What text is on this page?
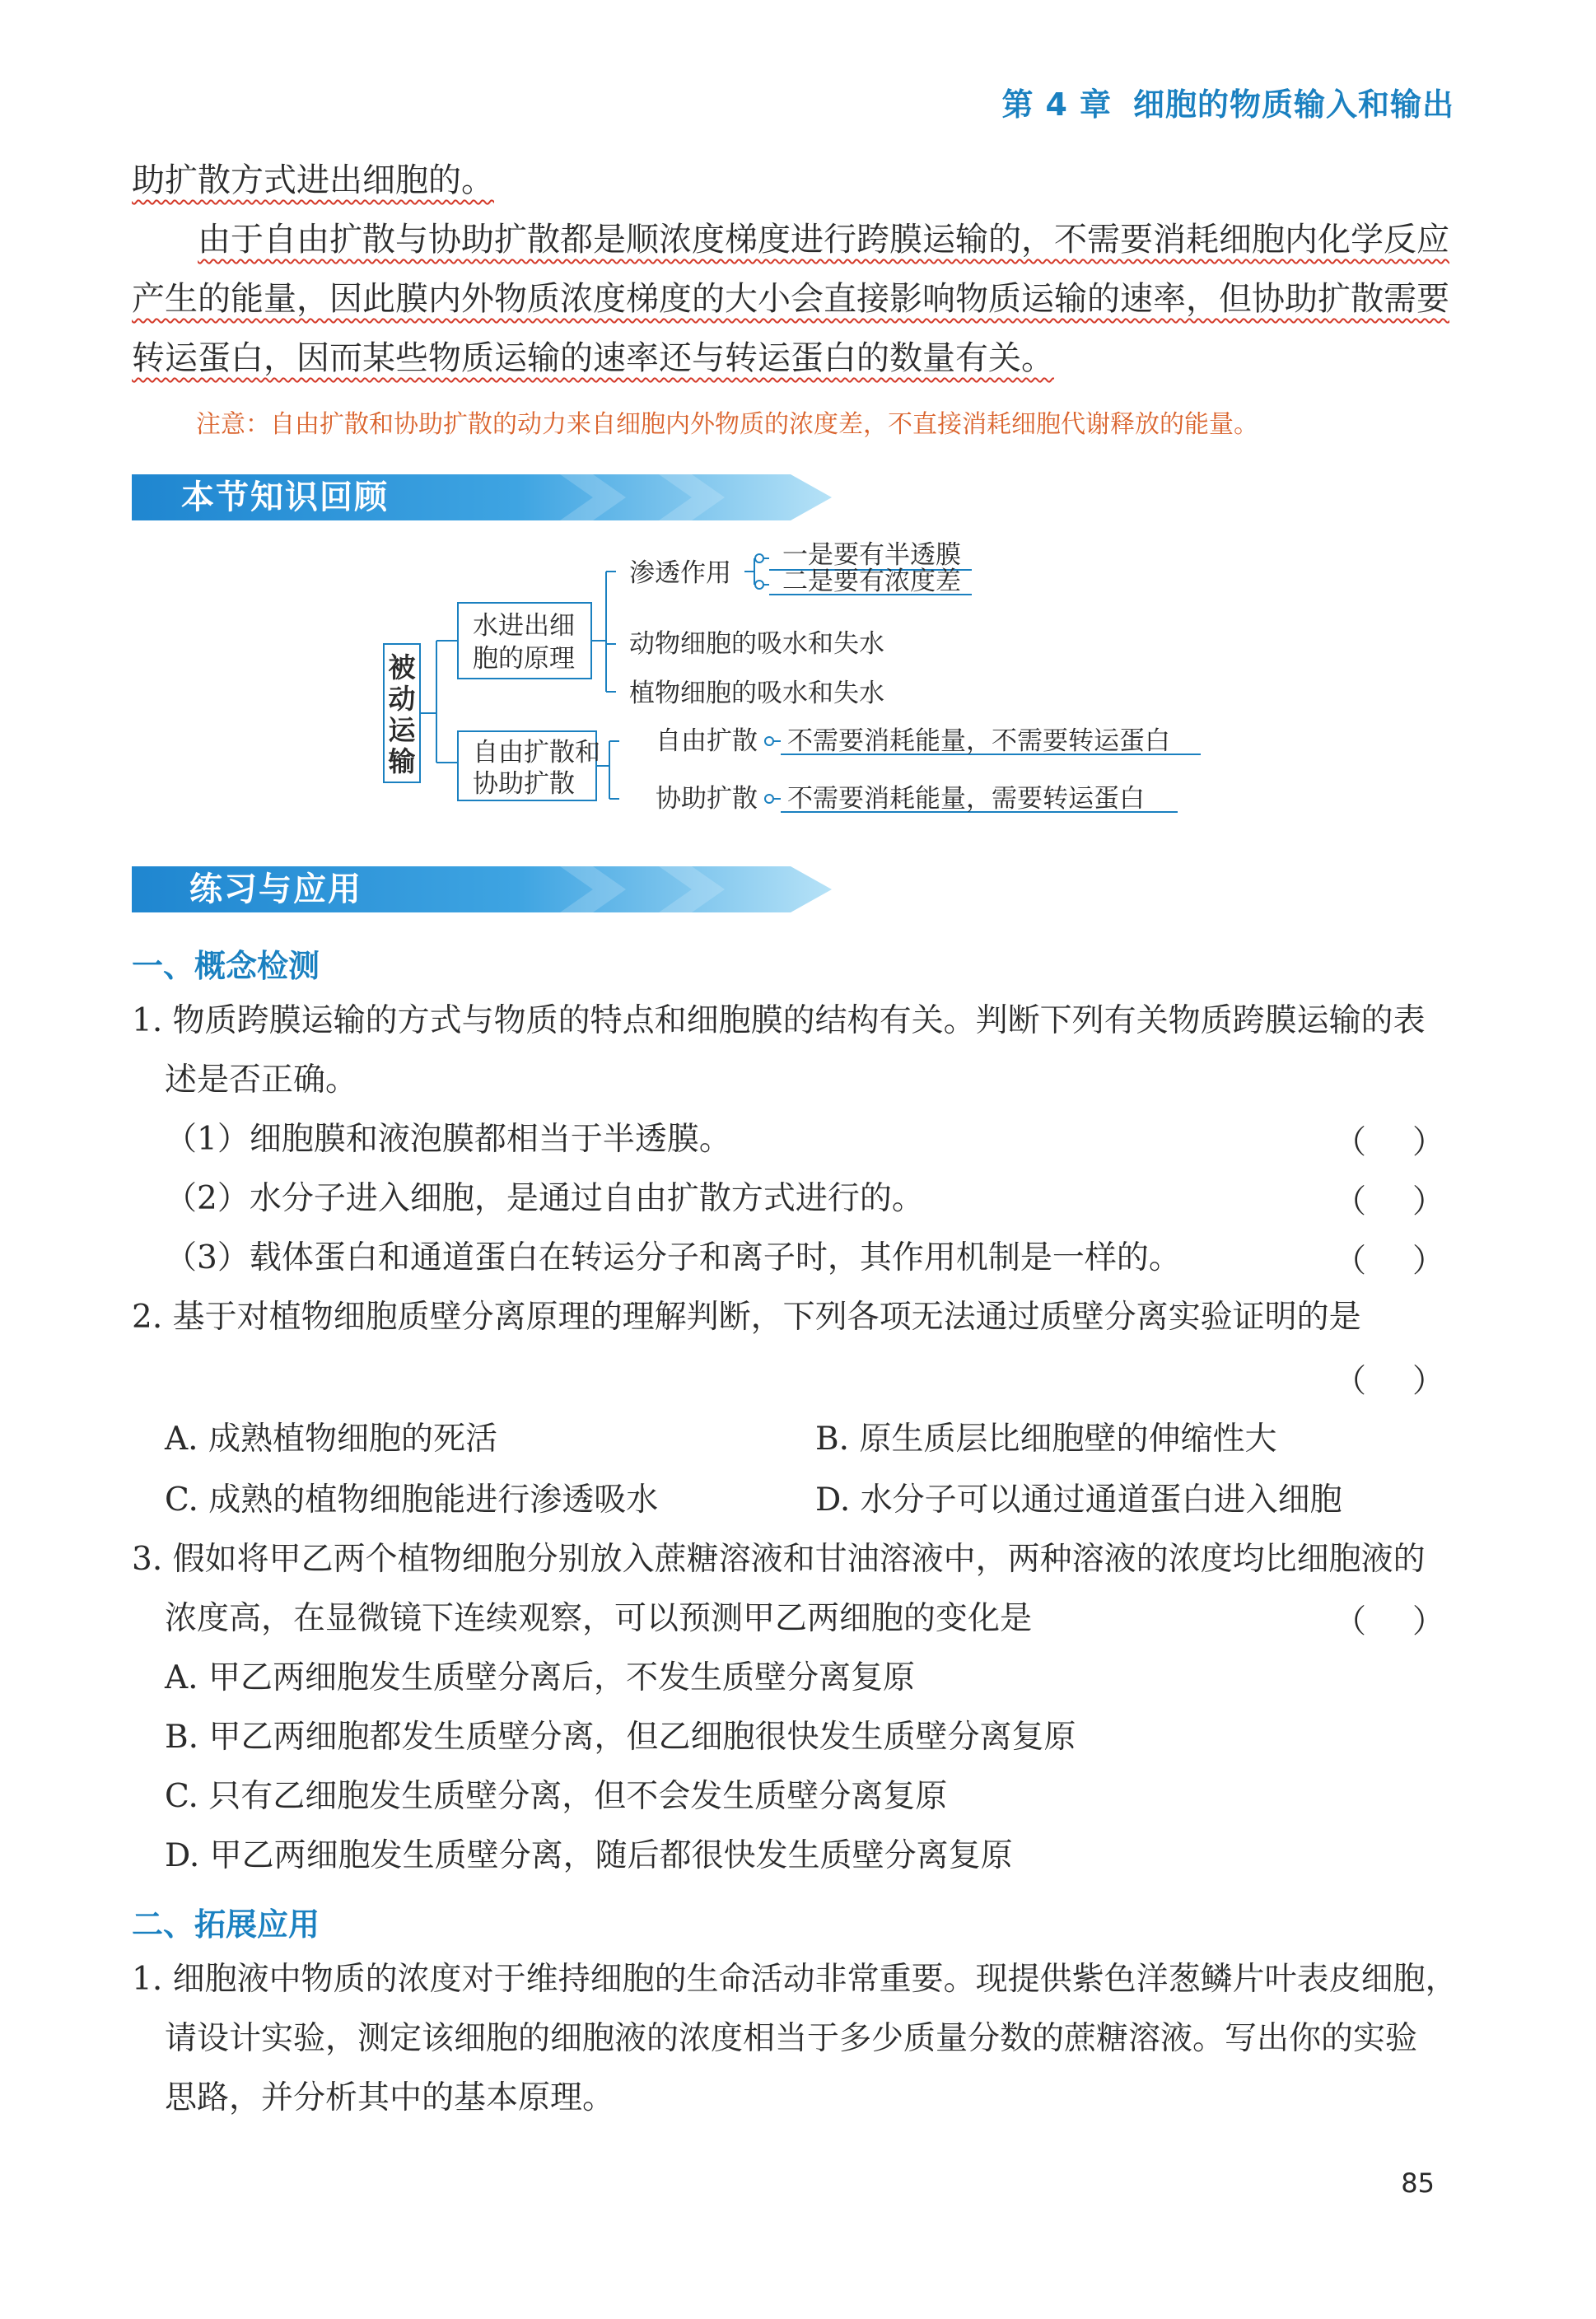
第 4 章 细胞的物质输入和输出
助扩散方式进出细胞的。
由于自由扩散与协助扩散都是顺浓度梯度进行跨膜运输的，不需要消耗细胞内化学反应
产生的能量，因此膜内外物质浓度梯度的大小会直接影响物质运输的速率，但协助扩散需要
转运蛋白，因而某些物质运输的速率还与转运蛋白的数量有关。
注意：自由扩散和协助扩散的动力来自细胞内外物质的浓度差，不直接消耗细胞代谢释放的能量。
本节知识回顾
被
动
运
输
水进出细
胞的原理
自由扩散和
协助扩散
渗透作用
一是要有半透膜
二是要有浓度差
动物细胞的吸水和失水
植物细胞的吸水和失水
自由扩散 不需要消耗能量，不需要转运蛋白
协助扩散 不需要消耗能量，需要转运蛋白
练习与应用
一、概念检测
1. 物质跨膜运输的方式与物质的特点和细胞膜的结构有关。判断下列有关物质跨膜运输的表
述是否正确。
（1）细胞膜和液泡膜都相当于半透膜。	（ ）
（2）水分子进入细胞，是通过自由扩散方式进行的。	（ ）
（3）载体蛋白和通道蛋白在转运分子和离子时，其作用机制是一样的。	（ ）
2. 基于对植物细胞质壁分离原理的理解判断，下列各项无法通过质壁分离实验证明的是
（ ）
A. 成熟植物细胞的死活	B. 原生质层比细胞壁的伸缩性大
C. 成熟的植物细胞能进行渗透吸水	D. 水分子可以通过通道蛋白进入细胞
3. 假如将甲乙两个植物细胞分别放入蔗糖溶液和甘油溶液中，两种溶液的浓度均比细胞液的
浓度高，在显微镜下连续观察，可以预测甲乙两细胞的变化是	（ ）
A. 甲乙两细胞发生质壁分离后，不发生质壁分离复原
B. 甲乙两细胞都发生质壁分离，但乙细胞很快发生质壁分离复原
C. 只有乙细胞发生质壁分离，但不会发生质壁分离复原
D. 甲乙两细胞发生质壁分离，随后都很快发生质壁分离复原
二、拓展应用
1. 细胞液中物质的浓度对于维持细胞的生命活动非常重要。现提供紫色洋葱鳞片叶表皮细胞，
请设计实验，测定该细胞的细胞液的浓度相当于多少质量分数的蔗糖溶液。写出你的实验
思路，并分析其中的基本原理。
85
